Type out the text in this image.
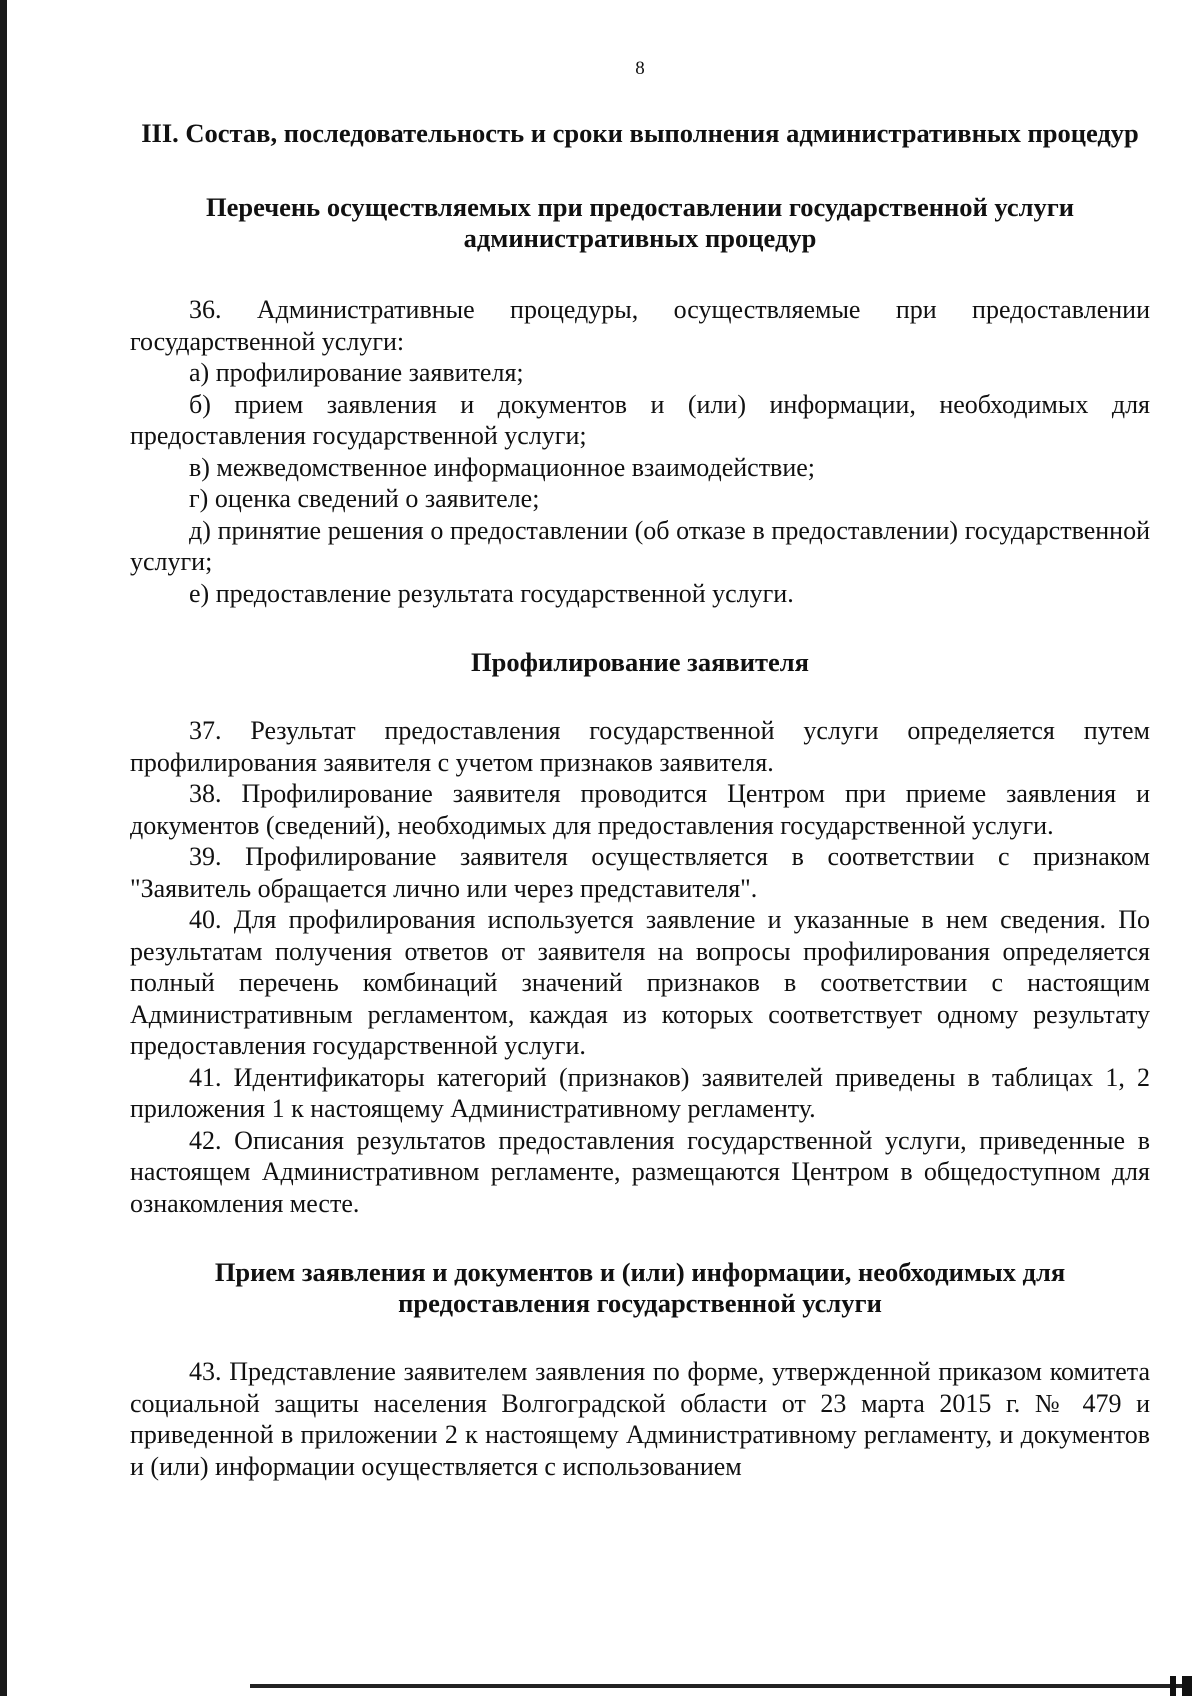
8
III. Состав, последовательность и сроки выполнения административных процедур
Перечень осуществляемых при предоставлении государственной услуги административных процедур

36. Административные процедуры, осуществляемые при предоставлении государственной услуги:

а) профилирование заявителя;

б) прием заявления и документов и (или) информации, необходимых для предоставления государственной услуги;

в) межведомственное информационное взаимодействие;

г) оценка сведений о заявителе;

д) принятие решения о предоставлении (об отказе в предоставлении) государственной услуги;

е) предоставление результата государственной услуги.

Профилирование заявителя

37. Результат предоставления государственной услуги определяется путем профилирования заявителя с учетом признаков заявителя.

38. Профилирование заявителя проводится Центром при приеме заявления и документов (сведений), необходимых для предоставления государственной услуги.

39. Профилирование заявителя осуществляется в соответствии с признаком "Заявитель обращается лично или через представителя".

40. Для профилирования используется заявление и указанные в нем сведения. По результатам получения ответов от заявителя на вопросы профилирования определяется полный перечень комбинаций значений признаков в соответствии с настоящим Административным регламентом, каждая из которых соответствует одному результату предоставления государственной услуги.

41. Идентификаторы категорий (признаков) заявителей приведены в таблицах 1, 2 приложения 1 к настоящему Административному регламенту.

42. Описания результатов предоставления государственной услуги, приведенные в настоящем Административном регламенте, размещаются Центром в общедоступном для ознакомления месте.

Прием заявления и документов и (или) информации, необходимых для предоставления государственной услуги

43. Представление заявителем заявления по форме, утвержденной приказом комитета социальной защиты населения Волгоградской области от 23 марта 2015 г. № 479 и приведенной в приложении 2 к настоящему Административному регламенту, и документов и (или) информации осуществляется с использованием
